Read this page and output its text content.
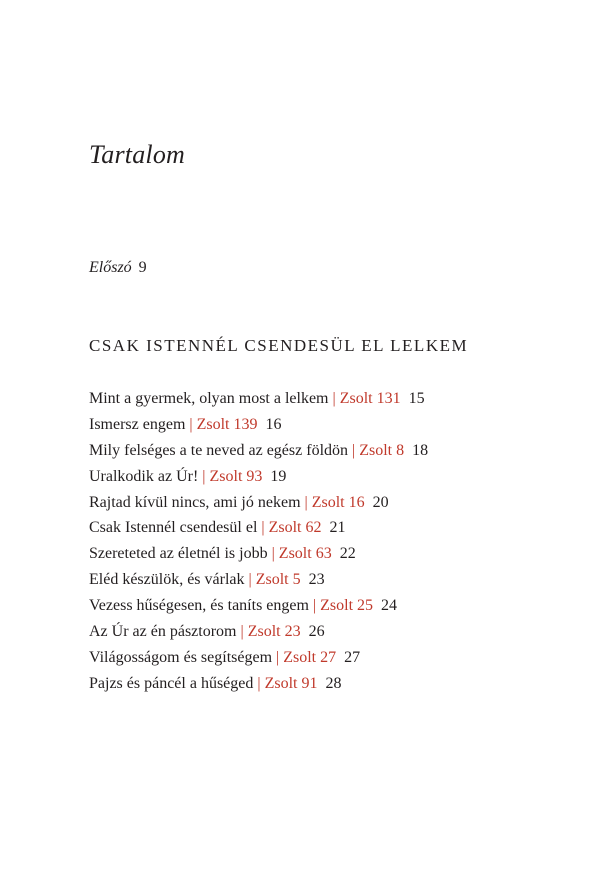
Tartalom
Előszó 9
CSAK ISTENNÉL CSENDESÜL EL LELKEM
Mint a gyermek, olyan most a lelkem | Zsolt 131 15
Ismersz engem | Zsolt 139 16
Mily felséges a te neved az egész földön | Zsolt 8 18
Uralkodik az Úr! | Zsolt 93 19
Rajtad kívül nincs, ami jó nekem | Zsolt 16 20
Csak Istennél csendesül el | Zsolt 62 21
Szereteted az életnél is jobb | Zsolt 63 22
Eléd készülök, és várlak | Zsolt 5 23
Vezess hűségesen, és taníts engem | Zsolt 25 24
Az Úr az én pásztorom | Zsolt 23 26
Világosságom és segítségem | Zsolt 27 27
Pajzs és páncél a hűséged | Zsolt 91 28
